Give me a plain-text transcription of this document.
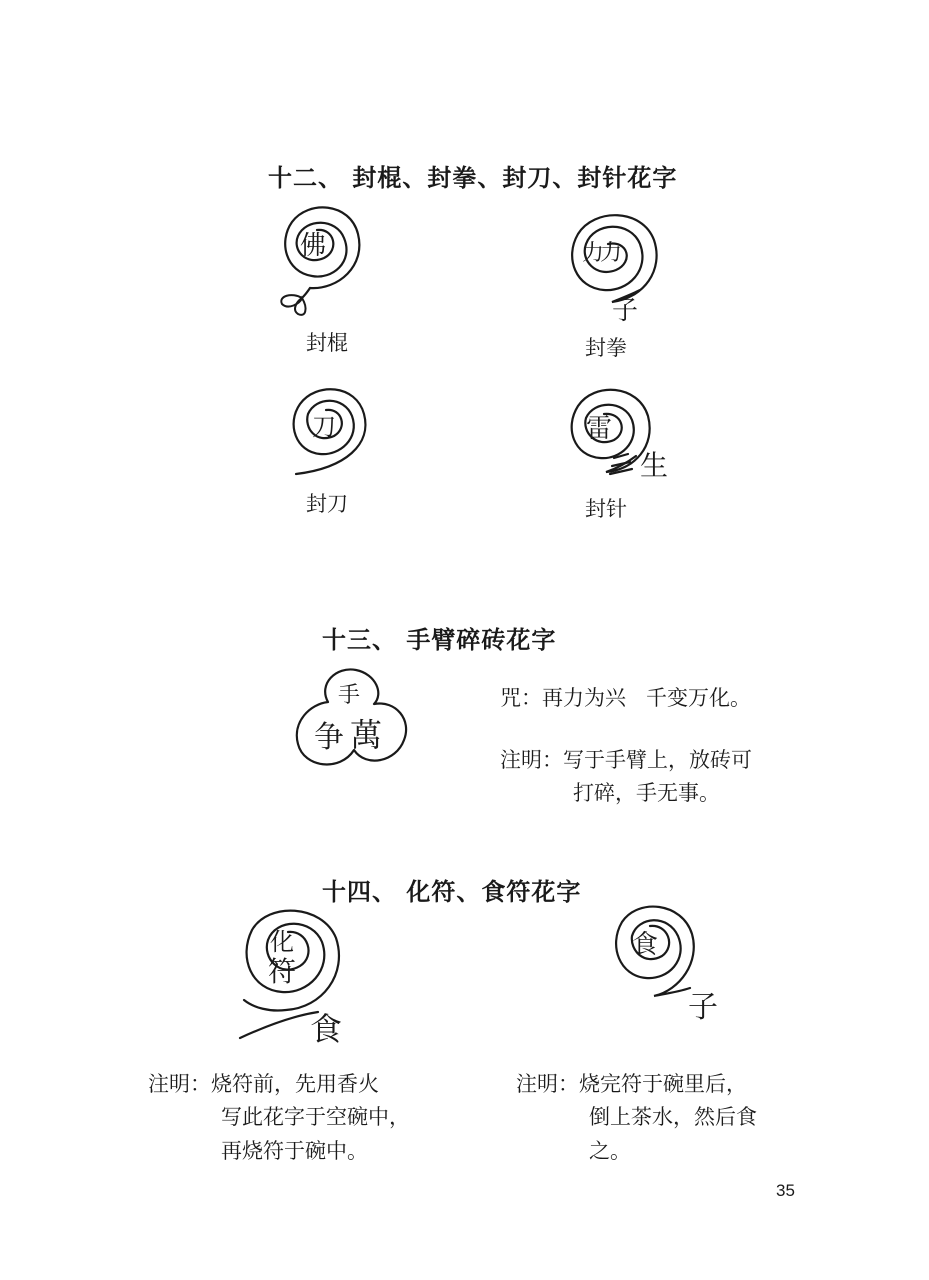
十二、 封棍、封拳、封刀、封针花字
佛
封棍
力力
子
封拳
刀
封刀
雷
生
封针
十三、 手臂碎砖花字
手
争 萬
咒：再力为兴   千变万化。
注明：写于手臂上，放砖可
打碎，手无事。
十四、 化符、食符花字
化
符
食
食
子
注明：烧符前，先用香火
写此花字于空碗中，
再烧符于碗中。
注明：烧完符于碗里后，
倒上茶水，然后食
之。
35
